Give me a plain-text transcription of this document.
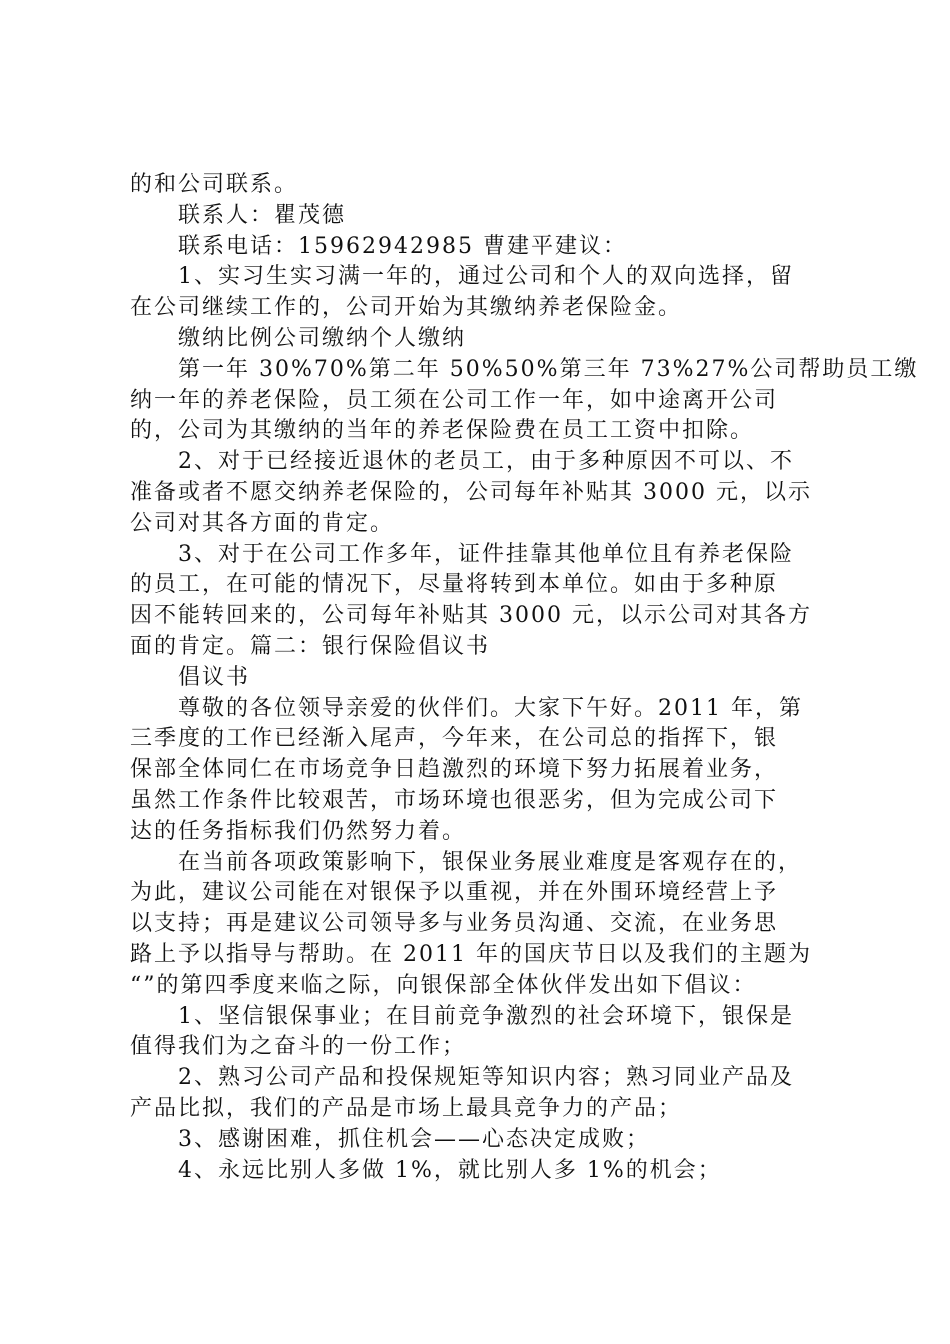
的和公司联系。
联系人：瞿茂德
联系电话：15962942985 曹建平建议：
1、实习生实习满一年的，通过公司和个人的双向选择，留
在公司继续工作的，公司开始为其缴纳养老保险金。
缴纳比例公司缴纳个人缴纳
第一年 30%70%第二年 50%50%第三年 73%27%公司帮助员工缴
纳一年的养老保险，员工须在公司工作一年，如中途离开公司
的，公司为其缴纳的当年的养老保险费在员工工资中扣除。
2、对于已经接近退休的老员工，由于多种原因不可以、不
准备或者不愿交纳养老保险的，公司每年补贴其 3000 元，以示
公司对其各方面的肯定。
3、对于在公司工作多年，证件挂靠其他单位且有养老保险
的员工，在可能的情况下，尽量将转到本单位。如由于多种原
因不能转回来的，公司每年补贴其 3000 元，以示公司对其各方
面的肯定。篇二：银行保险倡议书
倡议书
尊敬的各位领导亲爱的伙伴们。大家下午好。2011 年，第
三季度的工作已经渐入尾声，今年来，在公司总的指挥下，银
保部全体同仁在市场竞争日趋激烈的环境下努力拓展着业务，
虽然工作条件比较艰苦，市场环境也很恶劣，但为完成公司下
达的任务指标我们仍然努力着。
在当前各项政策影响下，银保业务展业难度是客观存在的，
为此，建议公司能在对银保予以重视，并在外围环境经营上予
以支持；再是建议公司领导多与业务员沟通、交流，在业务思
路上予以指导与帮助。在 2011 年的国庆节日以及我们的主题为
“”的第四季度来临之际，向银保部全体伙伴发出如下倡议：
1、坚信银保事业；在目前竞争激烈的社会环境下，银保是
值得我们为之奋斗的一份工作；
2、熟习公司产品和投保规矩等知识内容；熟习同业产品及
产品比拟，我们的产品是市场上最具竞争力的产品；
3、感谢困难，抓住机会——心态决定成败；
4、永远比别人多做 1%，就比别人多 1%的机会；
